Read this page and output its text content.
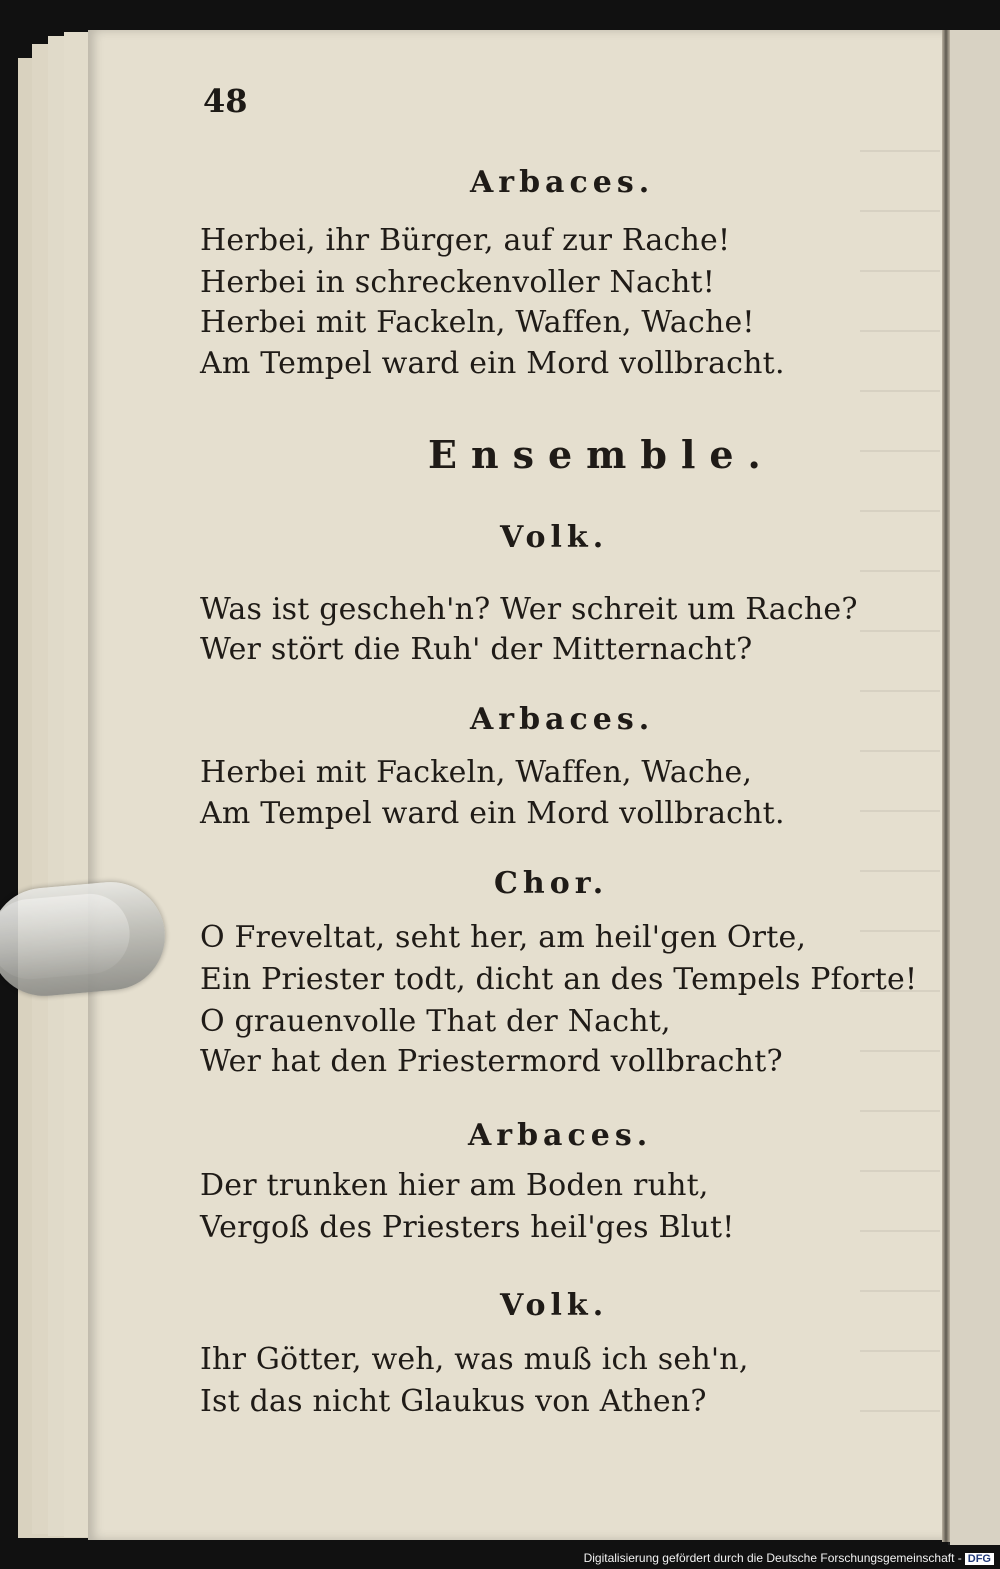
48
Arbaces.
Herbei, ihr Bürger, auf zur Rache!
Herbei in schreckenvoller Nacht!
Herbei mit Fackeln, Waffen, Wache!
Am Tempel ward ein Mord vollbracht.
Ensemble.
Volk.
Was ist gescheh'n? Wer schreit um Rache?
Wer stört die Ruh' der Mitternacht?
Arbaces.
Herbei mit Fackeln, Waffen, Wache,
Am Tempel ward ein Mord vollbracht.
Chor.
O Freveltat, seht her, am heil'gen Orte,
Ein Priester todt, dicht an des Tempels Pforte!
O grauenvolle That der Nacht,
Wer hat den Priestermord vollbracht?
Arbaces.
Der trunken hier am Boden ruht,
Vergoß des Priesters heil'ges Blut!
Volk.
Ihr Götter, weh, was muß ich seh'n,
Ist das nicht Glaukus von Athen?
Digitalisierung gefördert durch die Deutsche Forschungsgemeinschaft - DFG
